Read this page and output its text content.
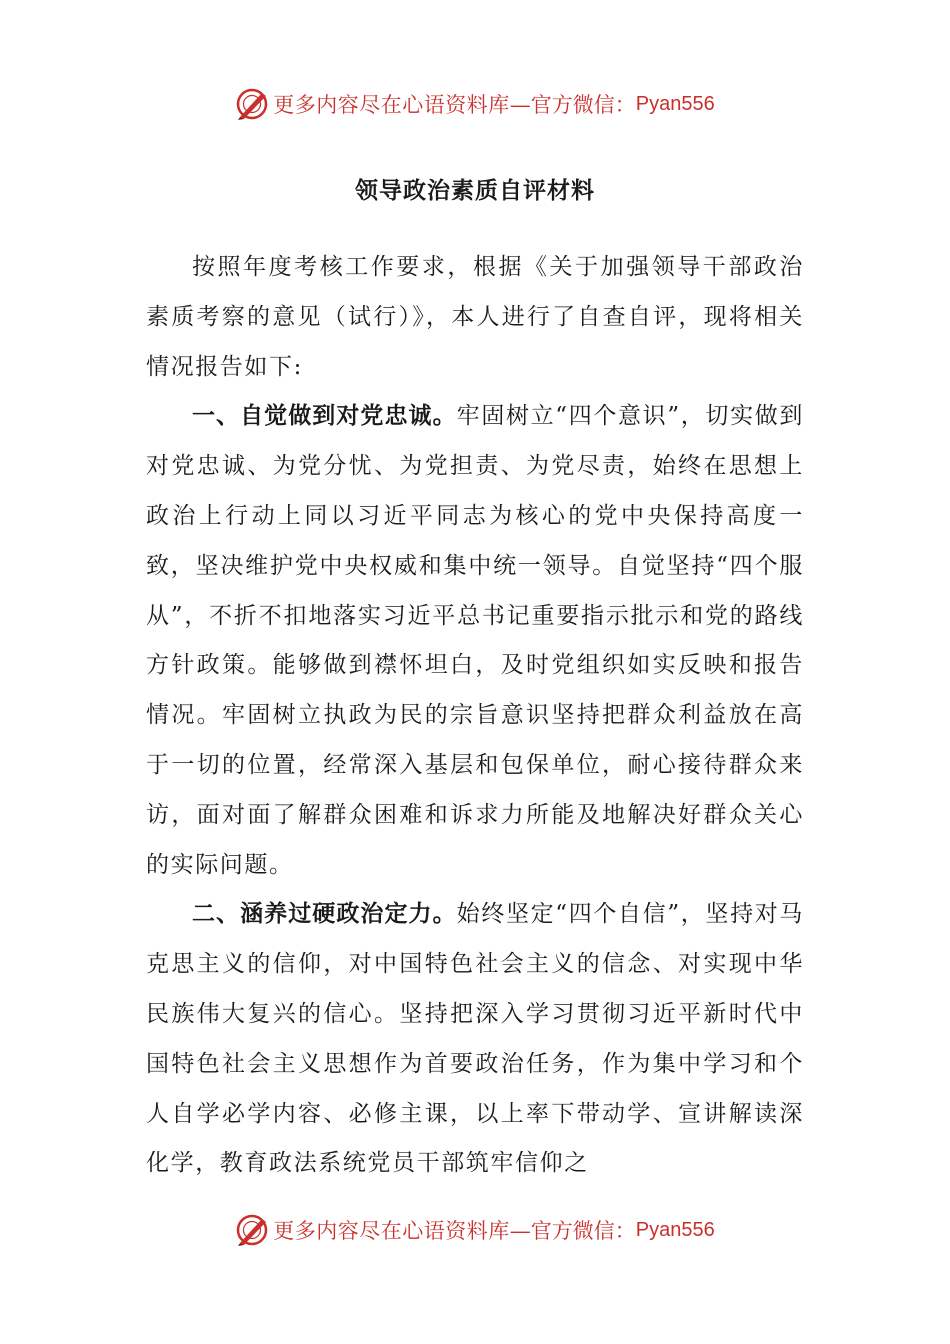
更多内容尽在心语资料库 —官方微信： Pyan556
领导政治素质自评材料

按照年度考核工作要求，根据《关于加强领导干部政治素质考察的意见（试行）》，本人进行了自查自评，现将相关情况报告如下:

一、自觉做到对党忠诚。牢固树立“四个意识”，切实做到对党忠诚、为党分忧、为党担责、为党尽责，始终在思想上政治上行动上同以习近平同志为核心的党中央保持高度一致，坚决维护党中央权威和集中统一领导。自觉坚持“四个服从”，不折不扣地落实习近平总书记重要指示批示和党的路线方针政策。能够做到襟怀坦白，及时党组织如实反映和报告情况。牢固树立执政为民的宗旨意识坚持把群众利益放在高于一切的位置，经常深入基层和包保单位，耐心接待群众来访，面对面了解群众困难和诉求力所能及地解决好群众关心的实际问题。

二、涵养过硬政治定力。始终坚定“四个自信”，坚持对马克思主义的信仰，对中国特色社会主义的信念、对实现中华民族伟大复兴的信心。坚持把深入学习贯彻习近平新时代中国特色社会主义思想作为首要政治任务，作为集中学习和个人自学必学内容、必修主课，以上率下带动学、宣讲解读深化学，教育政法系统党员干部筑牢信仰之

更多内容尽在心语资料库 —官方微信： Pyan556
